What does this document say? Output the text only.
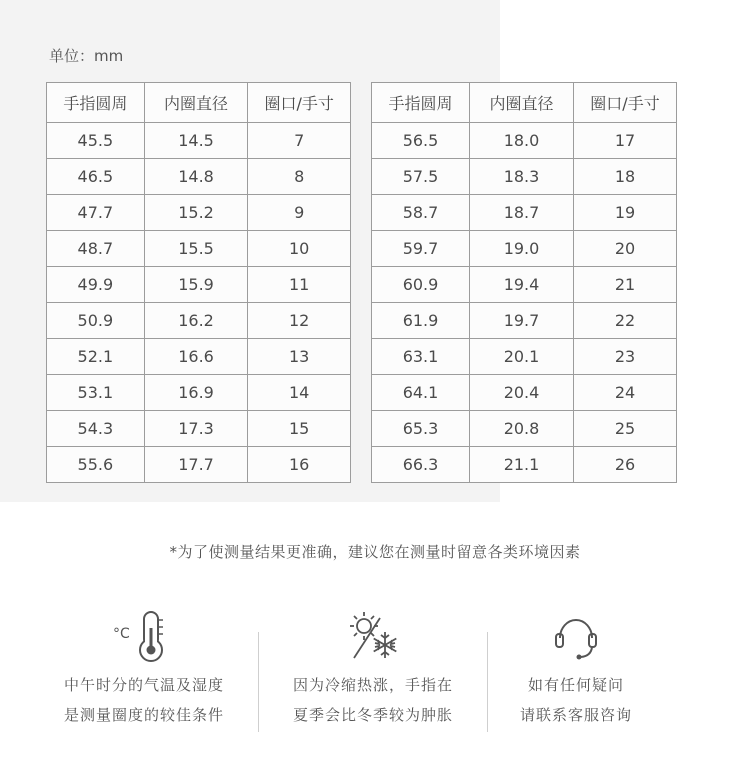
单位：mm
手指圆周	内圈直径	圈口/手寸
45.5	14.5	7
46.5	14.8	8
47.7	15.2	9
48.7	15.5	10
49.9	15.9	11
50.9	16.2	12
52.1	16.6	13
53.1	16.9	14
54.3	17.3	15
55.6	17.7	16
手指圆周	内圈直径	圈口/手寸
56.5	18.0	17
57.5	18.3	18
58.7	18.7	19
59.7	19.0	20
60.9	19.4	21
61.9	19.7	22
63.1	20.1	23
64.1	20.4	24
65.3	20.8	25
66.3	21.1	26
*为了使测量结果更准确，建议您在测量时留意各类环境因素
°C
中午时分的气温及湿度
是测量圈度的较佳条件
因为冷缩热涨，手指在
夏季会比冬季较为肿胀
如有任何疑问
请联系客服咨询
